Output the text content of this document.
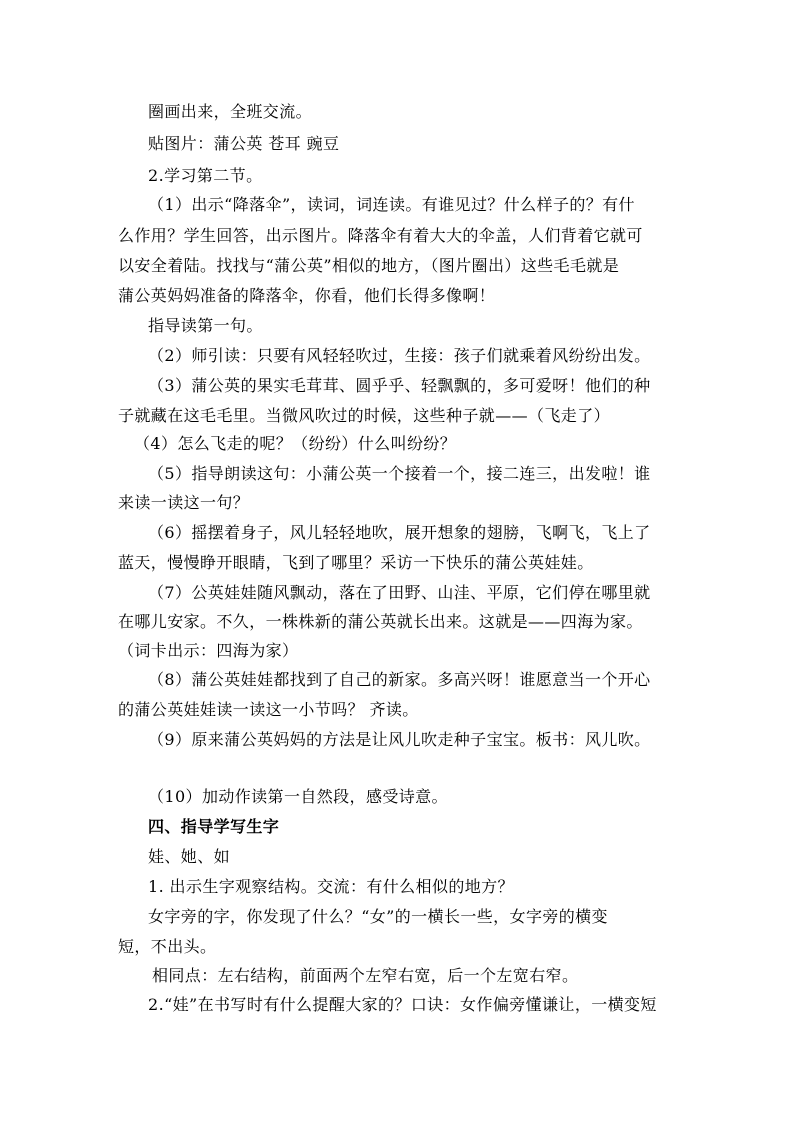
圈画出来，全班交流。
贴图片：蒲公英 苍耳 豌豆
2.学习第二节。
（1）出示“降落伞”，读词，词连读。有谁见过？什么样子的？有什
么作用？学生回答，出示图片。降落伞有着大大的伞盖，人们背着它就可
以安全着陆。找找与“蒲公英”相似的地方，（图片圈出）这些毛毛就是
蒲公英妈妈准备的降落伞，你看，他们长得多像啊！
指导读第一句。
（2）师引读：只要有风轻轻吹过，生接：孩子们就乘着风纷纷出发。
（3）蒲公英的果实毛茸茸、圆乎乎、轻飘飘的，多可爱呀！他们的种
子就藏在这毛毛里。当微风吹过的时候，这些种子就——（飞走了）
（4）怎么飞走的呢？（纷纷）什么叫纷纷？
（5）指导朗读这句：小蒲公英一个接着一个，接二连三，出发啦！谁
来读一读这一句？
（6）摇摆着身子，风儿轻轻地吹，展开想象的翅膀，飞啊飞，飞上了
蓝天，慢慢睁开眼睛，飞到了哪里？采访一下快乐的蒲公英娃娃。
（7）公英娃娃随风飘动，落在了田野、山洼、平原，它们停在哪里就
在哪儿安家。不久，一株株新的蒲公英就长出来。这就是——四海为家。
（词卡出示：四海为家）
（8）蒲公英娃娃都找到了自己的新家。多高兴呀！谁愿意当一个开心
的蒲公英娃娃读一读这一小节吗？ 齐读。
（9）原来蒲公英妈妈的方法是让风儿吹走种子宝宝。板书：风儿吹。
（10）加动作读第一自然段，感受诗意。
四、指导学写生字
娃、她、如
1. 出示生字观察结构。交流：有什么相似的地方？
女字旁的字，你发现了什么？“女”的一横长一些，女字旁的横变
短，不出头。
相同点：左右结构，前面两个左窄右宽，后一个左宽右窄。
2.“娃”在书写时有什么提醒大家的？口诀：女作偏旁懂谦让，一横变短
